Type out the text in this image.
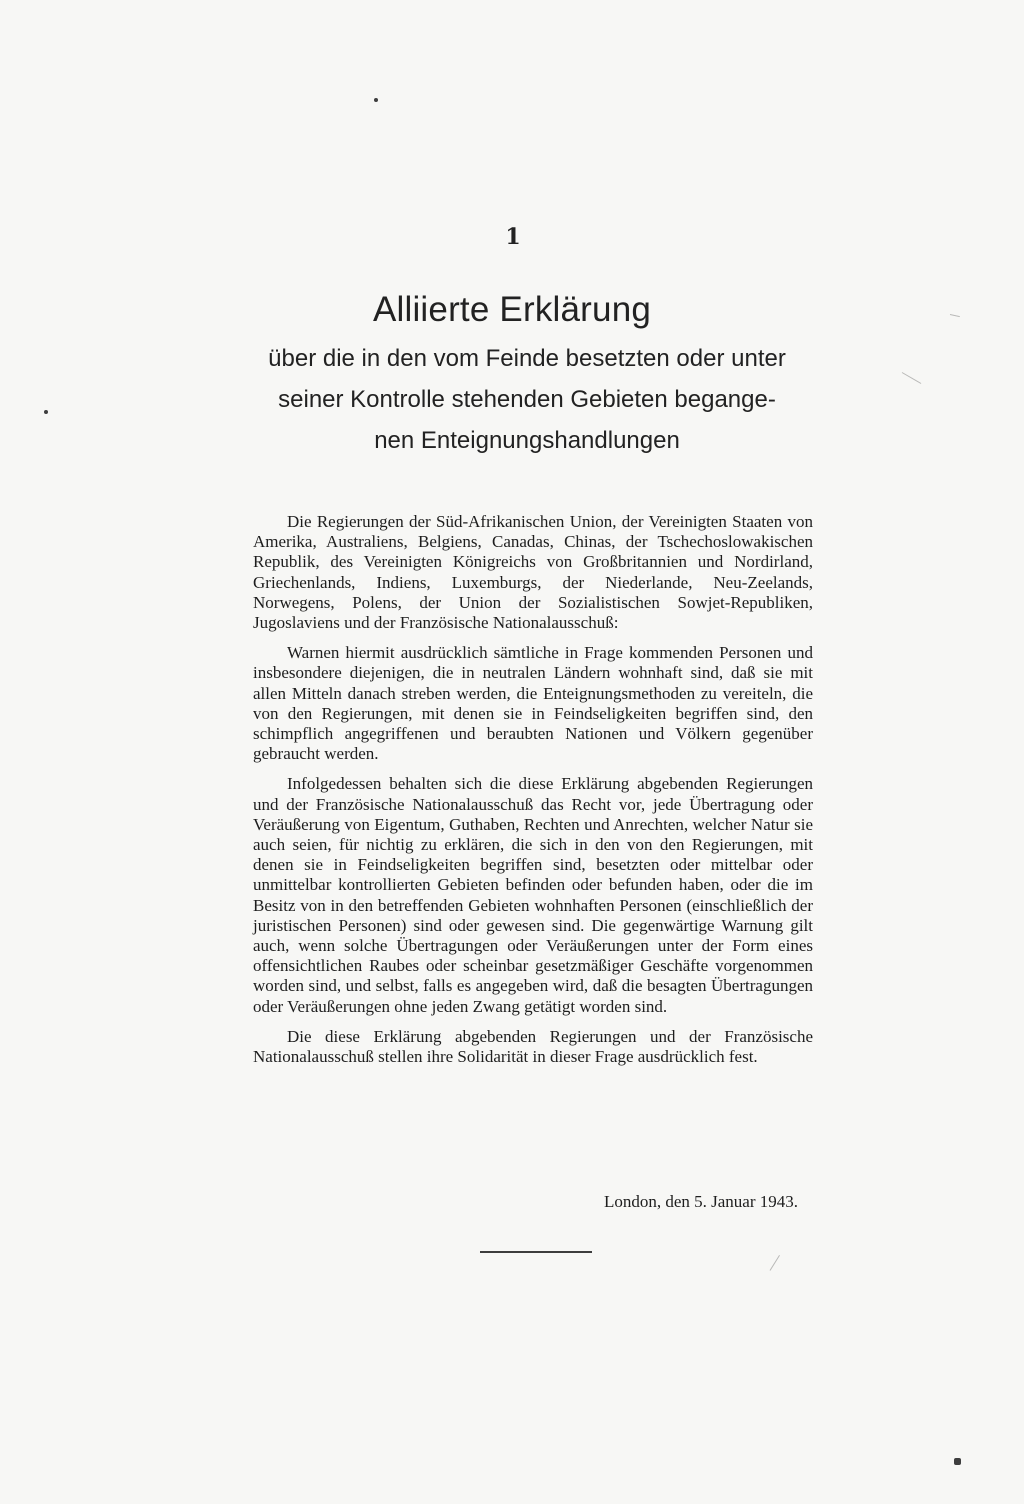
1
Alliierte Erklärung
über die in den vom Feinde besetzten oder unter
seiner Kontrolle stehenden Gebieten begange-
nen Enteignungshandlungen

Die Regierungen der Süd-Afrikanischen Union, der Vereinigten Staaten von Amerika, Australiens, Belgiens, Canadas, Chinas, der Tschechoslowakischen Republik, des Vereinigten Königreichs von Großbritannien und Nordirland, Griechenlands, Indiens, Luxemburgs, der Niederlande, Neu-Zeelands, Norwegens, Polens, der Union der Sozialistischen Sowjet-Republiken, Jugoslaviens und der Französische Nationalausschuß:

Warnen hiermit ausdrücklich sämtliche in Frage kommenden Personen und insbesondere diejenigen, die in neutralen Ländern wohnhaft sind, daß sie mit allen Mitteln danach streben werden, die Enteignungsmethoden zu vereiteln, die von den Regierungen, mit denen sie in Feindseligkeiten begriffen sind, den schimpflich angegriffenen und beraubten Nationen und Völkern gegenüber gebraucht werden.

Infolgedessen behalten sich die diese Erklärung abgebenden Regierungen und der Französische Nationalausschuß das Recht vor, jede Übertragung oder Veräußerung von Eigentum, Guthaben, Rechten und Anrechten, welcher Natur sie auch seien, für nichtig zu erklären, die sich in den von den Regierungen, mit denen sie in Feindseligkeiten begriffen sind, besetzten oder mittelbar oder unmittelbar kontrollierten Gebieten befinden oder befunden haben, oder die im Besitz von in den betreffenden Gebieten wohnhaften Personen (einschließlich der juristischen Personen) sind oder gewesen sind. Die gegenwärtige Warnung gilt auch, wenn solche Übertragungen oder Veräußerungen unter der Form eines offensichtlichen Raubes oder scheinbar gesetzmäßiger Geschäfte vorgenommen worden sind, und selbst, falls es angegeben wird, daß die besagten Übertragungen oder Veräußerungen ohne jeden Zwang getätigt worden sind.

Die diese Erklärung abgebenden Regierungen und der Französische Nationalausschuß stellen ihre Solidarität in dieser Frage ausdrücklich fest.

London, den 5. Januar 1943.
